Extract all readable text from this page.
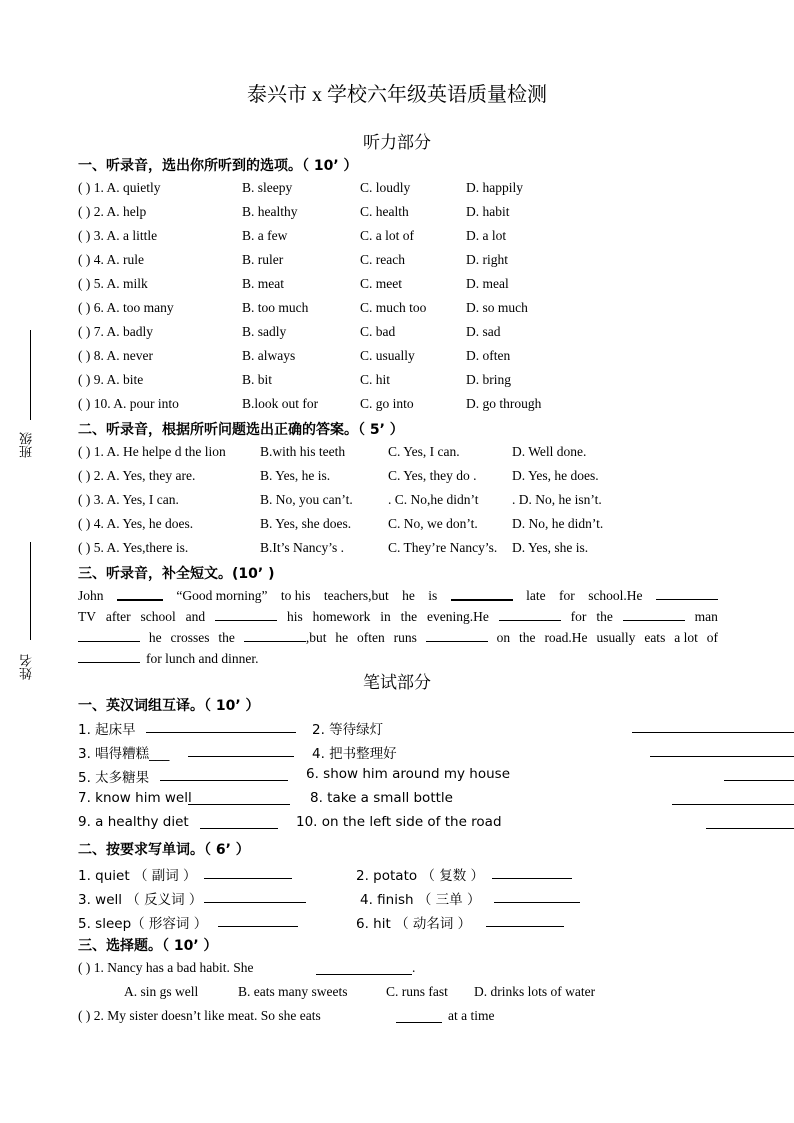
班级
姓名
泰兴市 x 学校六年级英语质量检测
听力部分
一、听录音，选出你所听到的选项。（ 10’ ）
( ) 1. A. quietly	B. sleepy	C. loudly	D. happily
( ) 2. A. help	B. healthy	C. health	D. habit
( ) 3. A. a little	B. a few	C. a lot of	D. a lot
( ) 4. A. rule	B. ruler	C. reach	D. right
( ) 5. A. milk	B. meat	C. meet	D. meal
( ) 6. A. too many	B. too much	C. much too	D. so much
( ) 7. A. badly	B. sadly	C. bad	D. sad
( ) 8. A. never	B. always	C. usually	D. often
( ) 9. A. bite	B. bit	C. hit	D. bring
( ) 10. A. pour into	B.look out for	C. go into	D. go through
二、听录音，根据所听问题选出正确的答案。（ 5’ ）
( ) 1. A. He helpe d the lion	B.with his teeth	C. Yes, I can.	D. Well done.
( ) 2. A. Yes, they are.	B. Yes, he is.	C. Yes, they do .	D. Yes, he does.
( ) 3. A. Yes, I can.	B. No, you can’t.	. C. No,he didn’t . D. No, he isn’t.
( ) 4. A. Yes, he does.	B. Yes, she does.	C. No, we don’t.	D. No, he didn’t.
( ) 5. A. Yes,there is.	B.It’s Nancy’s .	C. They’re Nancy’s. D. Yes, she is.
三、听录音，补全短文。(10’ )
John	“Good morning” to his teachers,but he is	late for school.He
TV after school and	his homework in the evening.He	for the	man
he crosses the	,but he often runs	on the road.He usually eats a lot of
for lunch and dinner.
笔试部分
一、英汉词组互译。（ 10’ ）
1. 起床早	2. 等待绿灯
3. 唱得糟糕___	4. 把书整理好
5. 太多糖果	6. show him around my house
7. know him well	8. take a small bottle
9. a healthy diet	10. on the left side of the road
二、按要求写单词。（ 6’ ）
1. quiet （ 副词 ）	2. potato （ 复数 ）
3. well （ 反义词 ）	4. finish （ 三单 ）
5. sleep（ 形容词 ）	6. hit （ 动名词 ）
三、选择题。（ 10’ ）
( ) 1. Nancy has a bad habit. She	.
A. sin gs well	B. eats many sweets	C. runs fast D. drinks lots of water
( ) 2. My sister doesn’t like meat. So she eats	at a time
